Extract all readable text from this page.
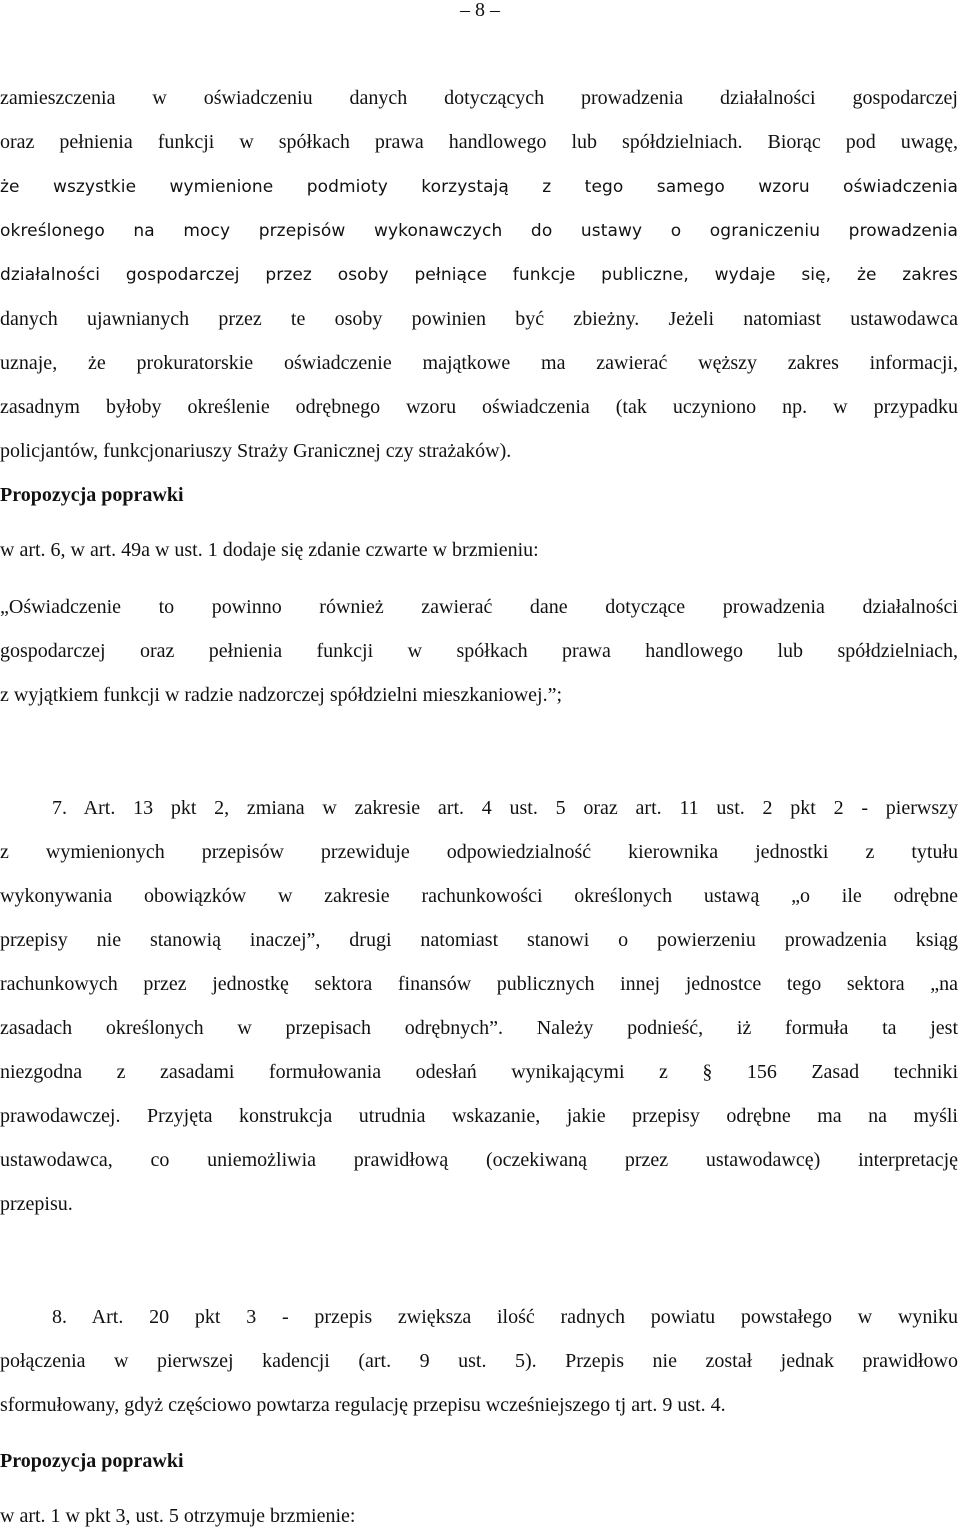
– 8 –
zamieszczenia w oświadczeniu danych dotyczących prowadzenia działalności gospodarczej
oraz pełnienia funkcji w spółkach prawa handlowego lub spółdzielniach. Biorąc pod uwagę,
że wszystkie wymienione podmioty korzystają z tego samego wzoru oświadczenia
określonego na mocy przepisów wykonawczych do ustawy o ograniczeniu prowadzenia
działalności gospodarczej przez osoby pełniące funkcje publiczne, wydaje się, że zakres
danych ujawnianych przez te osoby powinien być zbieżny. Jeżeli natomiast ustawodawca
uznaje, że prokuratorskie oświadczenie majątkowe ma zawierać węższy zakres informacji,
zasadnym byłoby określenie odrębnego wzoru oświadczenia (tak uczyniono np. w przypadku
policjantów, funkcjonariuszy Straży Granicznej czy strażaków).
Propozycja poprawki
w art. 6, w art. 49a w ust. 1 dodaje się zdanie czwarte w brzmieniu:
„Oświadczenie to powinno również zawierać dane dotyczące prowadzenia działalności
gospodarczej oraz pełnienia funkcji w spółkach prawa handlowego lub spółdzielniach,
z wyjątkiem funkcji w radzie nadzorczej spółdzielni mieszkaniowej.”;
7. Art. 13 pkt 2, zmiana w zakresie art. 4 ust. 5 oraz art. 11 ust. 2 pkt 2 - pierwszy
z wymienionych przepisów przewiduje odpowiedzialność kierownika jednostki z tytułu
wykonywania obowiązków w zakresie rachunkowości określonych ustawą „o ile odrębne
przepisy nie stanowią inaczej”, drugi natomiast stanowi o powierzeniu prowadzenia ksiąg
rachunkowych przez jednostkę sektora finansów publicznych innej jednostce tego sektora „na
zasadach określonych w przepisach odrębnych”. Należy podnieść, iż formuła ta jest
niezgodna z zasadami formułowania odesłań wynikającymi z § 156 Zasad techniki
prawodawczej. Przyjęta konstrukcja utrudnia wskazanie, jakie przepisy odrębne ma na myśli
ustawodawca, co uniemożliwia prawidłową (oczekiwaną przez ustawodawcę) interpretację
przepisu.
8. Art. 20 pkt 3 - przepis zwiększa ilość radnych powiatu powstałego w wyniku
połączenia w pierwszej kadencji (art. 9 ust. 5). Przepis nie został jednak prawidłowo
sformułowany, gdyż częściowo powtarza regulację przepisu wcześniejszego tj art. 9 ust. 4.
Propozycja poprawki
w art. 1 w pkt 3, ust. 5 otrzymuje brzmienie:
